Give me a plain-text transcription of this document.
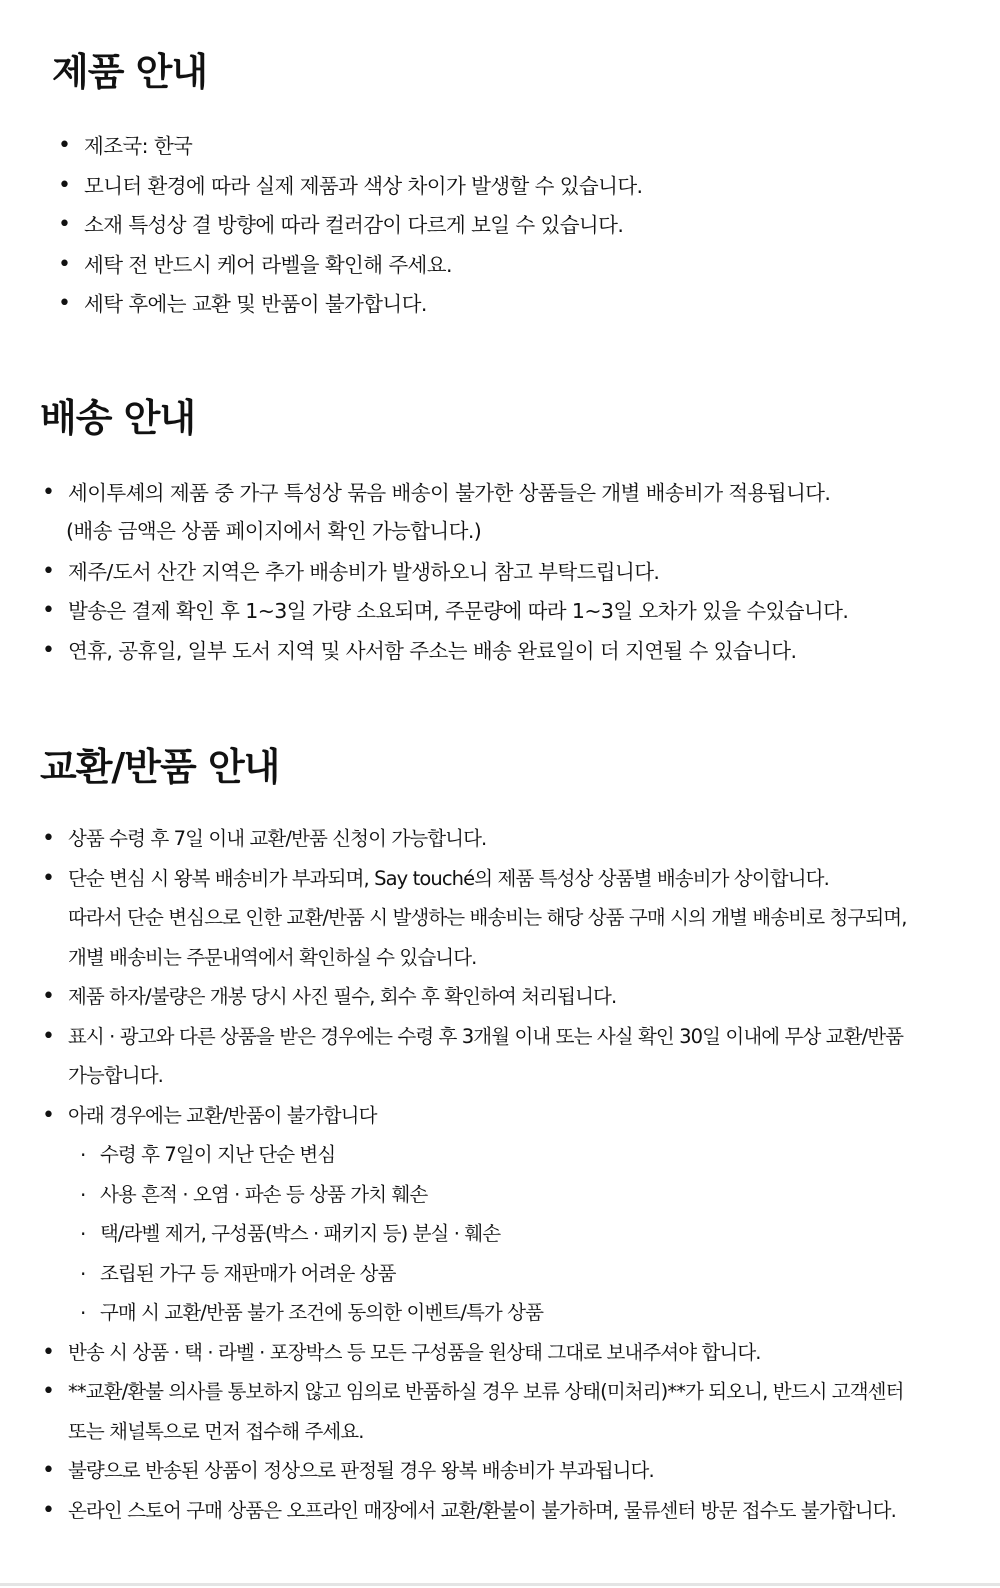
제품 안내
• 제조국: 한국
• 모니터 환경에 따라 실제 제품과 색상 차이가 발생할 수 있습니다.
• 소재 특성상 결 방향에 따라 컬러감이 다르게 보일 수 있습니다.
• 세탁 전 반드시 케어 라벨을 확인해 주세요.
• 세탁 후에는 교환 및 반품이 불가합니다.
배송 안내
• 세이투셰의 제품 중 가구 특성상 묶음 배송이 불가한 상품들은 개별 배송비가 적용됩니다.
(배송 금액은 상품 페이지에서 확인 가능합니다.)
• 제주/도서 산간 지역은 추가 배송비가 발생하오니 참고 부탁드립니다.
• 발송은 결제 확인 후 1~3일 가량 소요되며, 주문량에 따라 1~3일 오차가 있을 수있습니다.
• 연휴, 공휴일, 일부 도서 지역 및 사서함 주소는 배송 완료일이 더 지연될 수 있습니다.
교환/반품 안내
• 상품 수령 후 7일 이내 교환/반품 신청이 가능합니다.
• 단순 변심 시 왕복 배송비가 부과되며, Say touché의 제품 특성상 상품별 배송비가 상이합니다.
따라서 단순 변심으로 인한 교환/반품 시 발생하는 배송비는 해당 상품 구매 시의 개별 배송비로 청구되며,
개별 배송비는 주문내역에서 확인하실 수 있습니다.
• 제품 하자/불량은 개봉 당시 사진 필수, 회수 후 확인하여 처리됩니다.
• 표시 · 광고와 다른 상품을 받은 경우에는 수령 후 3개월 이내 또는 사실 확인 30일 이내에 무상 교환/반품
가능합니다.
• 아래 경우에는 교환/반품이 불가합니다
· 수령 후 7일이 지난 단순 변심
· 사용 흔적 · 오염 · 파손 등 상품 가치 훼손
· 택/라벨 제거, 구성품(박스 · 패키지 등) 분실 · 훼손
· 조립된 가구 등 재판매가 어려운 상품
· 구매 시 교환/반품 불가 조건에 동의한 이벤트/특가 상품
• 반송 시 상품 · 택 · 라벨 · 포장박스 등 모든 구성품을 원상태 그대로 보내주셔야 합니다.
• **교환/환불 의사를 통보하지 않고 임의로 반품하실 경우 보류 상태(미처리)**가 되오니, 반드시 고객센터
또는 채널톡으로 먼저 접수해 주세요.
• 불량으로 반송된 상품이 정상으로 판정될 경우 왕복 배송비가 부과됩니다.
• 온라인 스토어 구매 상품은 오프라인 매장에서 교환/환불이 불가하며, 물류센터 방문 접수도 불가합니다.
